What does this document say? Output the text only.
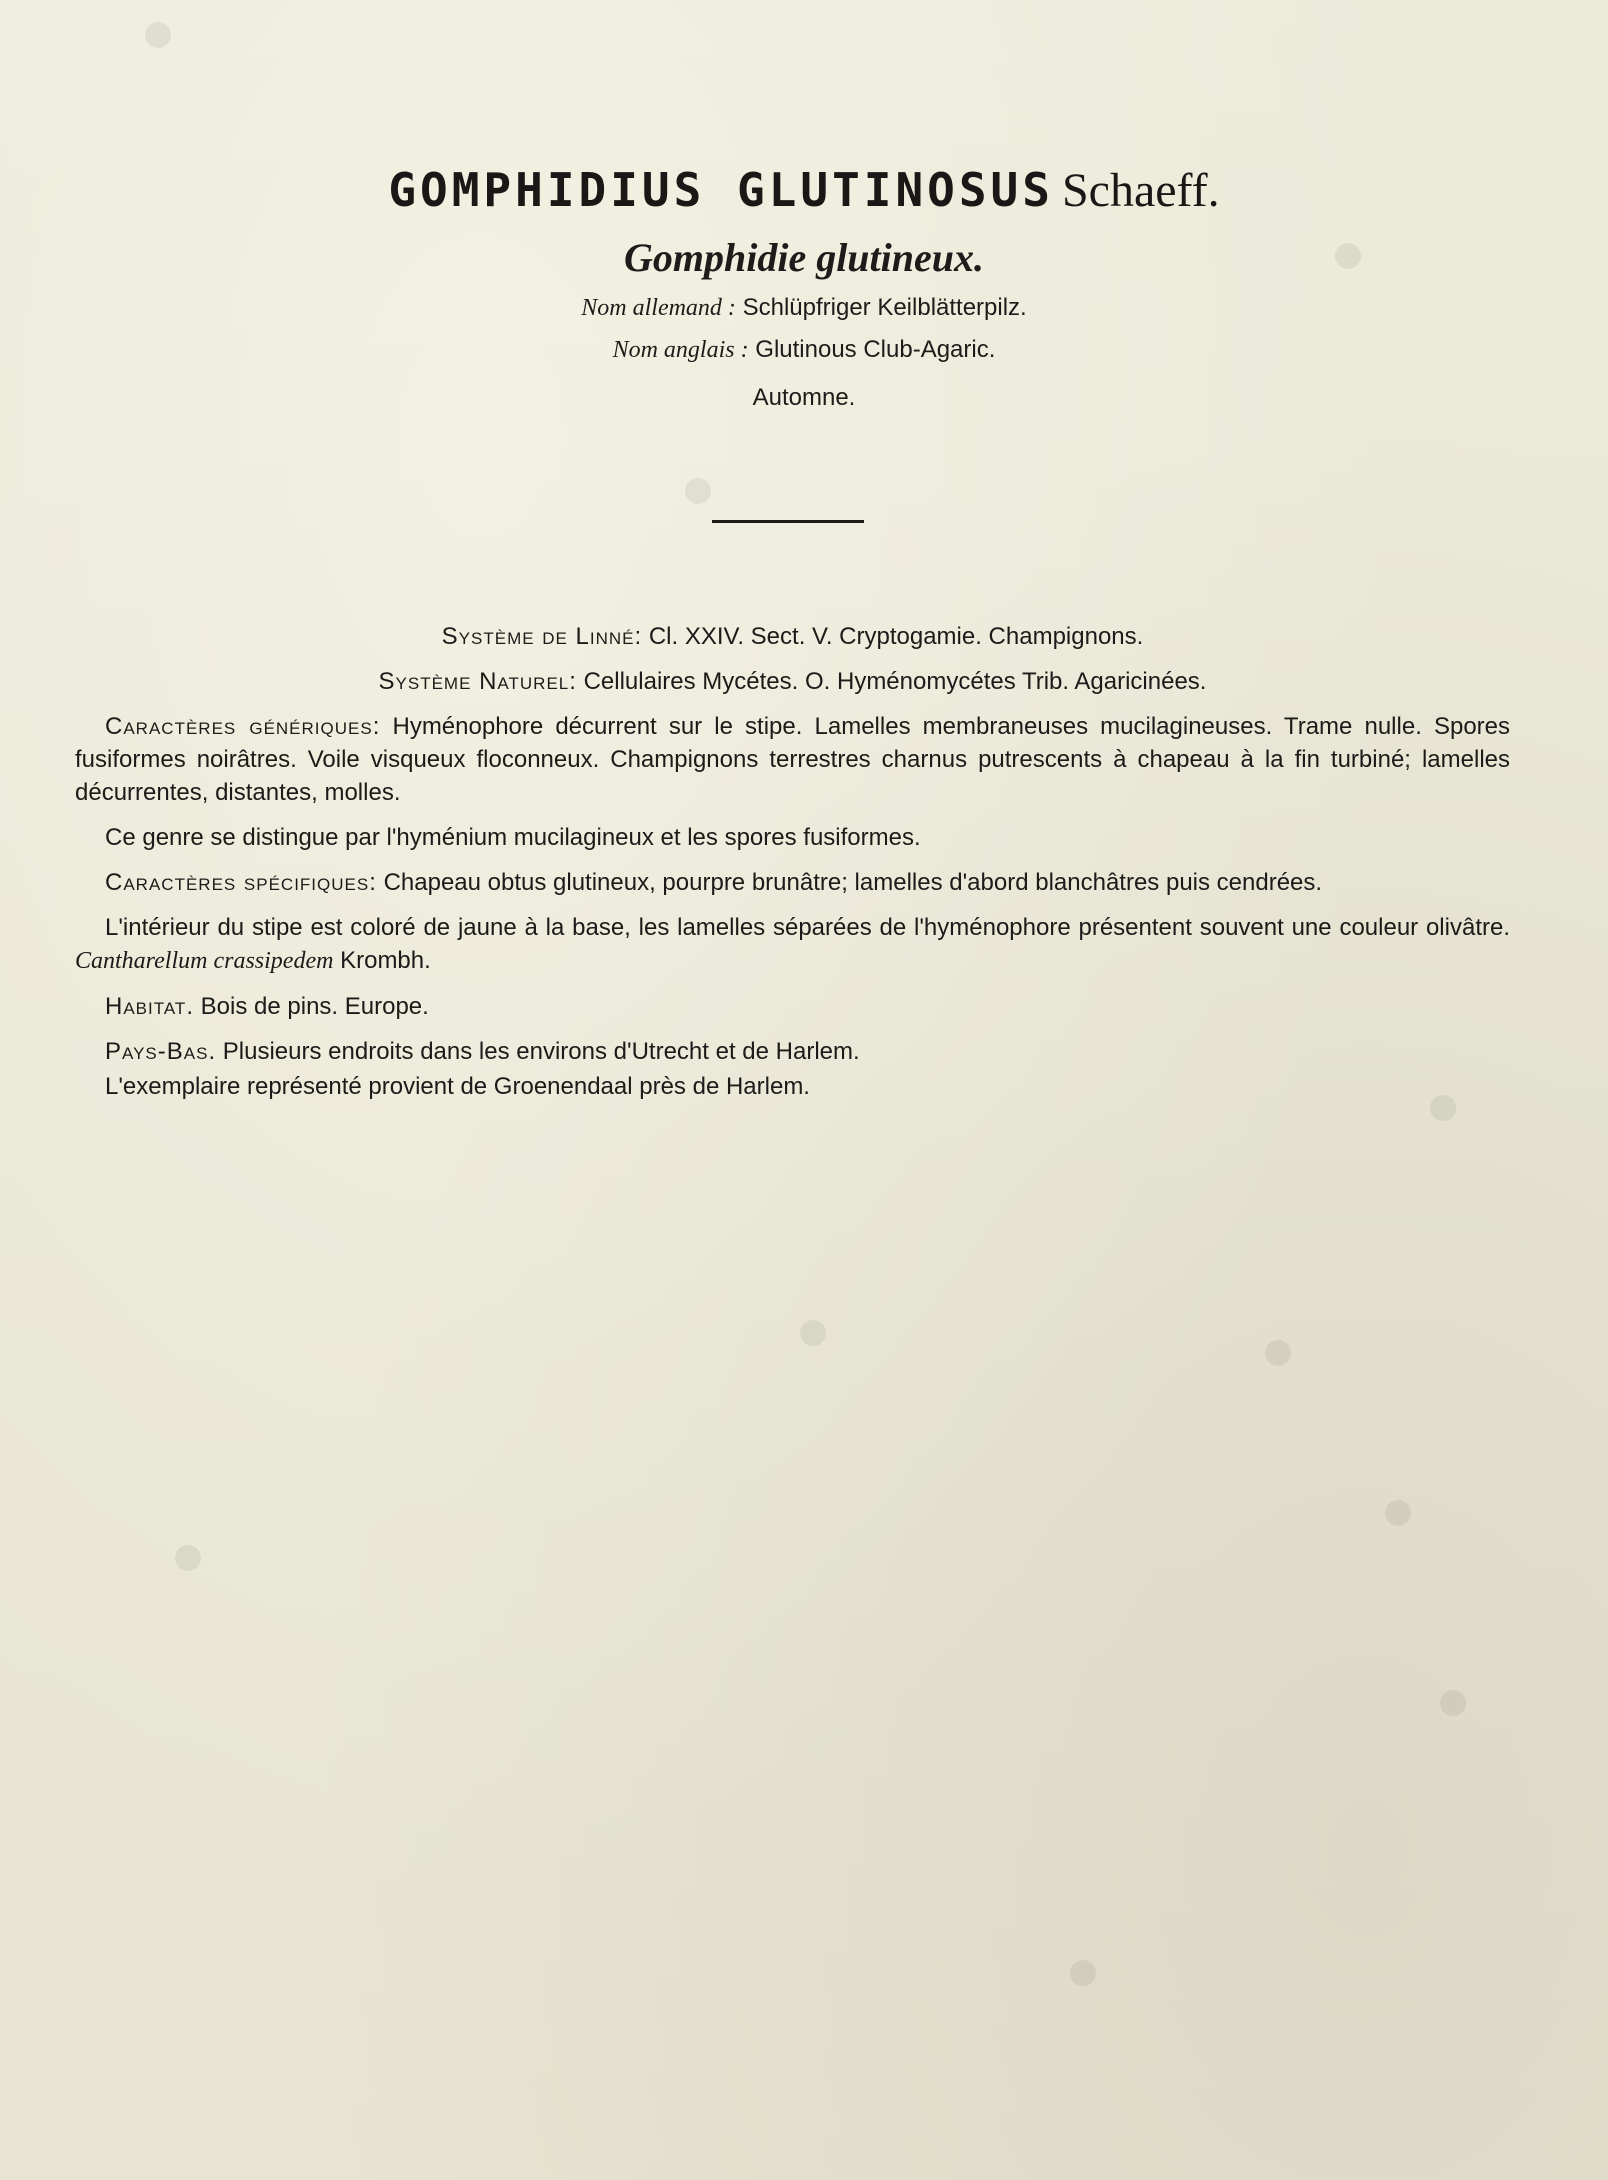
GOMPHIDIUS GLUTINOSUS Schaeff.
Gomphidie glutineux.
Nom allemand : Schlüpfriger Keilblätterpilz.
Nom anglais : Glutinous Club-Agaric.
Automne.

Système de Linné: Cl. XXIV. Sect. V. Cryptogamie. Champignons.

Système Naturel: Cellulaires Mycétes. O. Hyménomycétes Trib. Agaricinées.

Caractères génériques: Hyménophore décurrent sur le stipe. Lamelles membraneuses mucilagineuses. Trame nulle. Spores fusiformes noirâtres. Voile visqueux floconneux. Champignons terrestres charnus putrescents à chapeau à la fin turbiné; lamelles décurrentes, distantes, molles.

Ce genre se distingue par l'hyménium mucilagineux et les spores fusiformes.

Caractères spécifiques: Chapeau obtus glutineux, pourpre brunâtre; lamelles d'abord blanchâtres puis cendrées.

L'intérieur du stipe est coloré de jaune à la base, les lamelles séparées de l'hyménophore présentent souvent une couleur olivâtre. Cantharellum crassipedem Krombh.

Habitat. Bois de pins. Europe.

Pays-Bas. Plusieurs endroits dans les environs d'Utrecht et de Harlem.

L'exemplaire représenté provient de Groenendaal près de Harlem.
